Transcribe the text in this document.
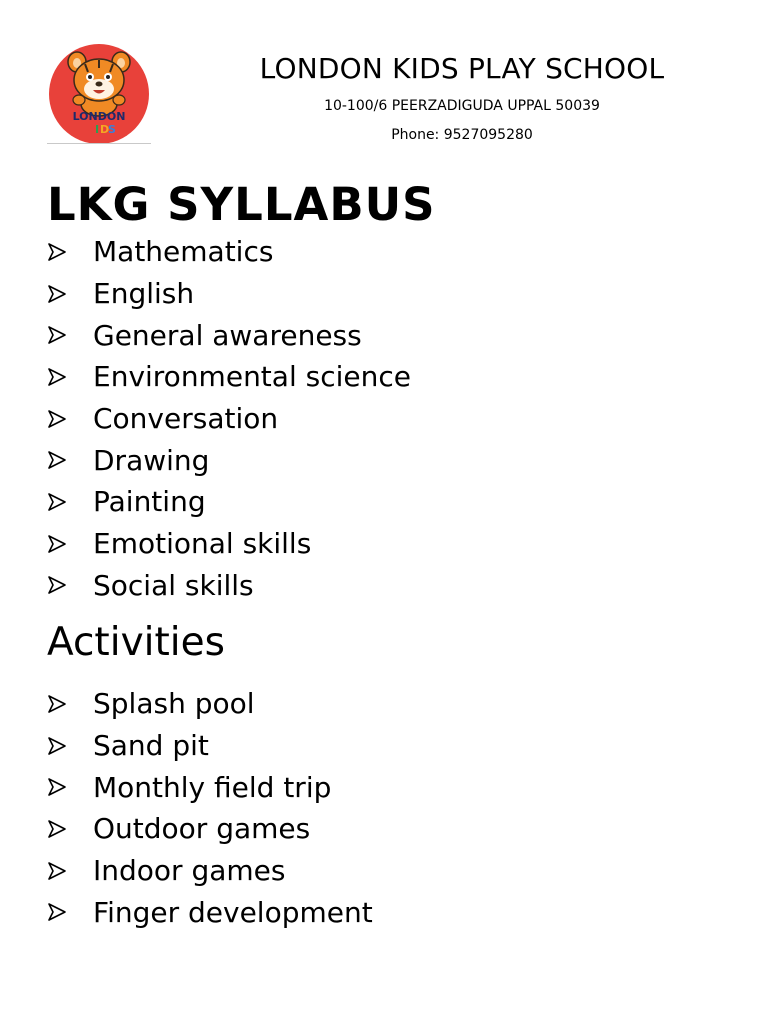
LONDON
K I D
S
LONDON KIDS PLAY SCHOOL
10-100/6 PEERZADIGUDA UPPAL 50039
Phone: 9527095280
LKG SYLLABUS
Mathematics
English
General awareness
Environmental science
Conversation
Drawing
Painting
Emotional skills
Social skills
Activities
Splash pool
Sand pit
Monthly field trip
Outdoor games
Indoor games
Finger development
